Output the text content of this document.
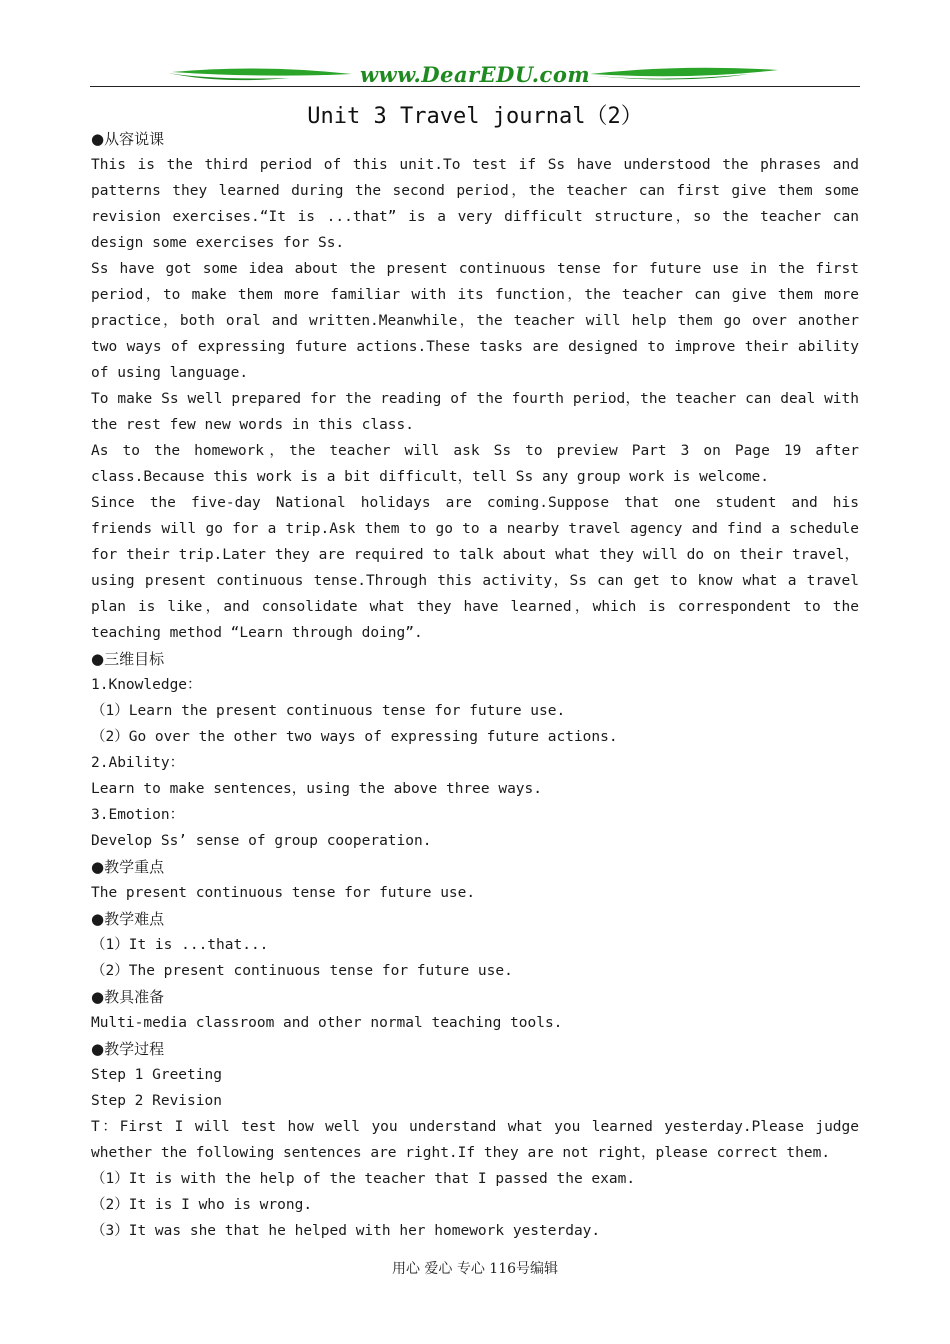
www.DearEDU.com
Unit 3 Travel journal（2）

●从容说课

This is the third period of this unit.To test if Ss have understood the phrases and patterns they learned during the second period，the teacher can first give them some revision exercises.“It is ...that” is a very difficult structure，so the teacher can design some exercises for Ss.

Ss have got some idea about the present continuous tense for future use in the first period，to make them more familiar with its function，the teacher can give them more practice，both oral and written.Meanwhile，the teacher will help them go over another two ways of expressing future actions.These tasks are designed to improve their ability of using language.

To make Ss well prepared for the reading of the fourth period，the teacher can deal with the rest few new words in this class.

As to the homework，the teacher will ask Ss to preview Part 3 on Page 19 after class.Because this work is a bit difficult，tell Ss any group work is welcome.

Since the five-day National holidays are coming.Suppose that one student and his friends will go for a trip.Ask them to go to a nearby travel agency and find a schedule for their trip.Later they are required to talk about what they will do on their travel，using present continuous tense.Through this activity，Ss can get to know what a travel plan is like，and consolidate what they have learned，which is correspondent to the teaching method “Learn through doing”.

●三维目标

1.Knowledge：

（1）Learn the present continuous tense for future use.

（2）Go over the other two ways of expressing future actions.

2.Ability：

Learn to make sentences，using the above three ways.

3.Emotion：

Develop Ss’ sense of group cooperation.

●教学重点

The present continuous tense for future use.

●教学难点

（1）It is ...that...

（2）The present continuous tense for future use.

●教具准备

Multi-media classroom and other normal teaching tools.

●教学过程

Step 1 Greeting

Step 2 Revision

T：First I will test how well you understand what you learned yesterday.Please judge whether the following sentences are right.If they are not right，please correct them.

（1）It is with the help of the teacher that I passed the exam.

（2）It is I who is wrong.

（3）It was she that he helped with her homework yesterday.

用心 爱心 专心 116号编辑
